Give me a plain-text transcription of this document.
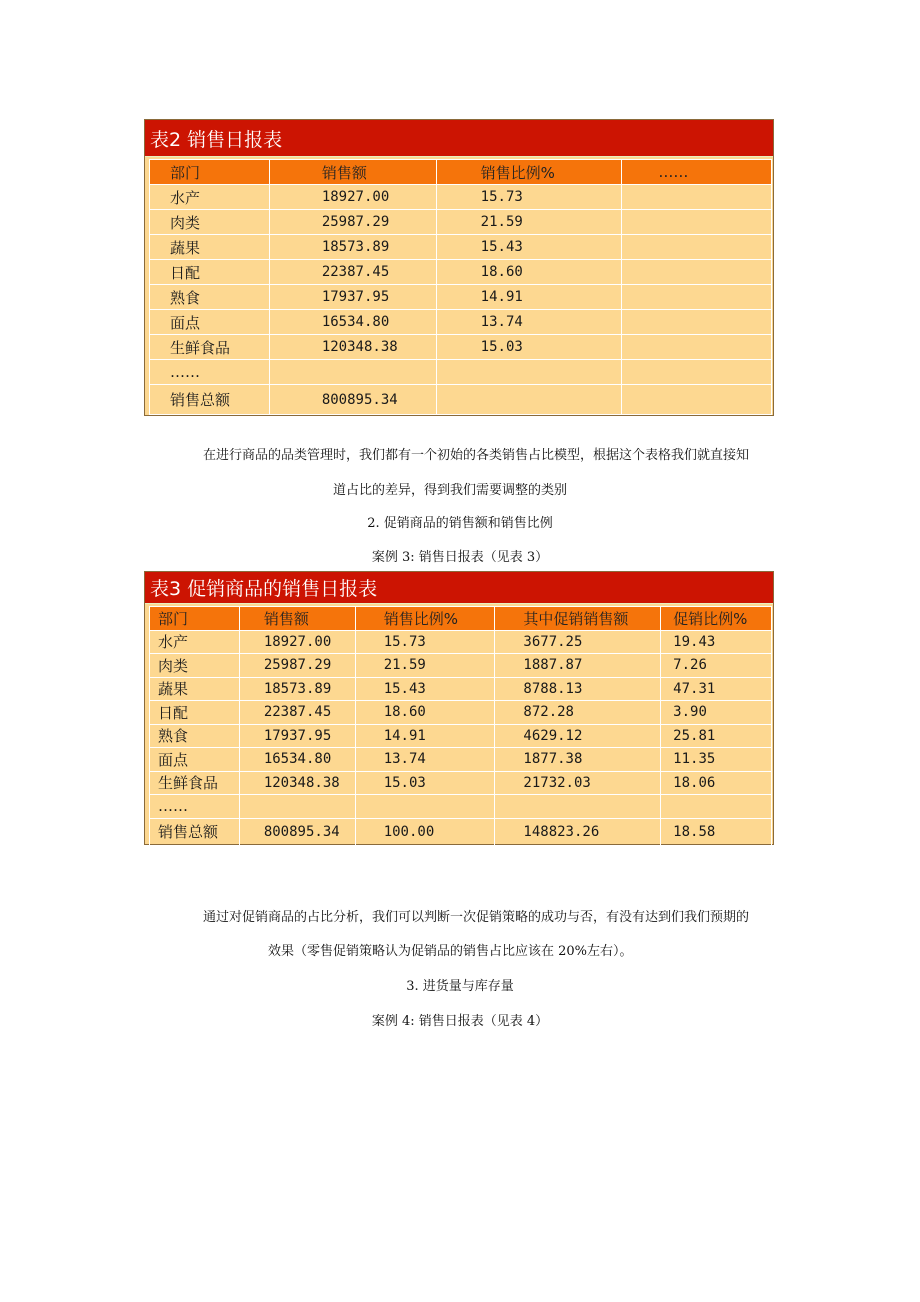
表2 销售日报表
部门	销售额	销售比例%	……
水产	18927.00	15.73	
肉类	25987.29	21.59	
蔬果	18573.89	15.43	
日配	22387.45	18.60	
熟食	17937.95	14.91	
面点	16534.80	13.74	
生鲜食品	120348.38	15.03	
……			
销售总额	800895.34		
在进行商品的品类管理时，我们都有一个初始的各类销售占比模型，根据这个表格我们就直接知
道占比的差异，得到我们需要调整的类别
2. 促销商品的销售额和销售比例
案例 3: 销售日报表（见表 3）
表3 促销商品的销售日报表
部门	销售额	销售比例%	其中促销销售额	促销比例%
水产	18927.00	15.73	3677.25	19.43
肉类	25987.29	21.59	1887.87	7.26
蔬果	18573.89	15.43	8788.13	47.31
日配	22387.45	18.60	872.28	3.90
熟食	17937.95	14.91	4629.12	25.81
面点	16534.80	13.74	1877.38	11.35
生鲜食品	120348.38	15.03	21732.03	18.06
……				
销售总额	800895.34	100.00	148823.26	18.58
通过对促销商品的占比分析，我们可以判断一次促销策略的成功与否，有没有达到们我们预期的
效果（零售促销策略认为促销品的销售占比应该在 20%左右）。
3. 进货量与库存量
案例 4: 销售日报表（见表 4）
